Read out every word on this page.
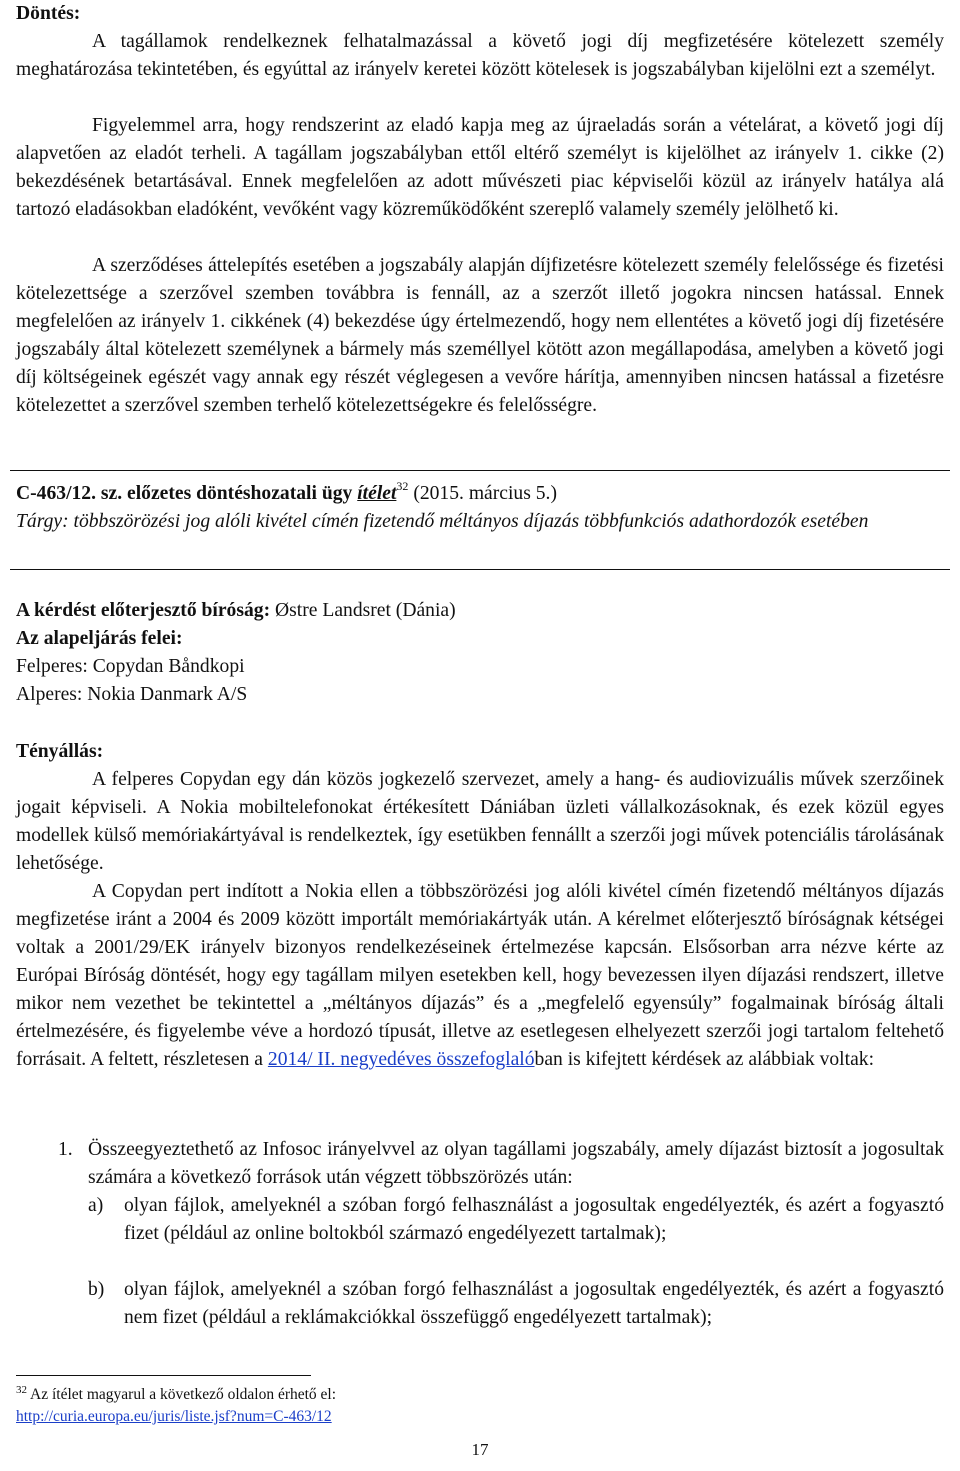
Döntés:

A tagállamok rendelkeznek felhatalmazással a követő jogi díj megfizetésére kötelezett személy meghatározása tekintetében, és egyúttal az irányelv keretei között kötelesek is jogszabályban kijelölni ezt a személyt.

Figyelemmel arra, hogy rendszerint az eladó kapja meg az újraeladás során a vételárat, a követő jogi díj alapvetően az eladót terheli. A tagállam jogszabályban ettől eltérő személyt is kijelölhet az irányelv 1. cikke (2) bekezdésének betartásával. Ennek megfelelően az adott művészeti piac képviselői közül az irányelv hatálya alá tartozó eladásokban eladóként, vevőként vagy közreműködőként szereplő valamely személy jelölhető ki.

A szerződéses áttelepítés esetében a jogszabály alapján díjfizetésre kötelezett személy felelőssége és fizetési kötelezettsége a szerzővel szemben továbbra is fennáll, az a szerzőt illető jogokra nincsen hatással. Ennek megfelelően az irányelv 1. cikkének (4) bekezdése úgy értelmezendő, hogy nem ellentétes a követő jogi díj fizetésére jogszabály által kötelezett személynek a bármely más személlyel kötött azon megállapodása, amelyben a követő jogi díj költségeinek egészét vagy annak egy részét véglegesen a vevőre hárítja, amennyiben nincsen hatással a fizetésre kötelezettet a szerzővel szemben terhelő kötelezettségekre és felelősségre.

C-463/12. sz. előzetes döntéshozatali ügy ítélet$^{32}$ (2015. március 5.)

Tárgy: többszörözési jog alóli kivétel címén fizetendő méltányos díjazás többfunkciós adathordozók esetében

A kérdést előterjesztő bíróság: Østre Landsret (Dánia)
Az alapeljárás felei:
Felperes: Copydan Båndkopi
Alperes: Nokia Danmark A/S
Tényállás:

A felperes Copydan egy dán közös jogkezelő szervezet, amely a hang- és audiovizuális művek szerzőinek jogait képviseli. A Nokia mobiltelefonokat értékesített Dániában üzleti vállalkozásoknak, és ezek közül egyes modellek külső memóriakártyával is rendelkeztek, így esetükben fennállt a szerzői jogi művek potenciális tárolásának lehetősége.

A Copydan pert indított a Nokia ellen a többszörözési jog alóli kivétel címén fizetendő méltányos díjazás megfizetése iránt a 2004 és 2009 között importált memóriakártyák után. A kérelmet előterjesztő bíróságnak kétségei voltak a 2001/29/EK irányelv bizonyos rendelkezéseinek értelmezése kapcsán. Elsősorban arra nézve kérte az Európai Bíróság döntését, hogy egy tagállam milyen esetekben kell, hogy bevezessen ilyen díjazási rendszert, illetve mikor nem vezethet be tekintettel a „méltányos díjazás” és a „megfelelő egyensúly” fogalmainak bíróság általi értelmezésére, és figyelembe véve a hordozó típusát, illetve az esetlegesen elhelyezett szerzői jogi tartalom feltehető forrásait. A feltett, részletesen a 2014/ II. negyedéves összefoglalóban is kifejtett kérdések az alábbiak voltak:

1. Összeegyeztethető az Infosoc irányelvvel az olyan tagállami jogszabály, amely díjazást biztosít a jogosultak számára a következő források után végzett többszörözés után:
a) olyan fájlok, amelyeknél a szóban forgó felhasználást a jogosultak engedélyezték, és azért a fogyasztó fizet (például az online boltokból származó engedélyezett tartalmak);
b) olyan fájlok, amelyeknél a szóban forgó felhasználást a jogosultak engedélyezték, és azért a fogyasztó nem fizet (például a reklámakciókkal összefüggő engedélyezett tartalmak);
$^{32}$ Az ítélet magyarul a következő oldalon érhető el:
http://curia.europa.eu/juris/liste.jsf?num=C-463/12
17
